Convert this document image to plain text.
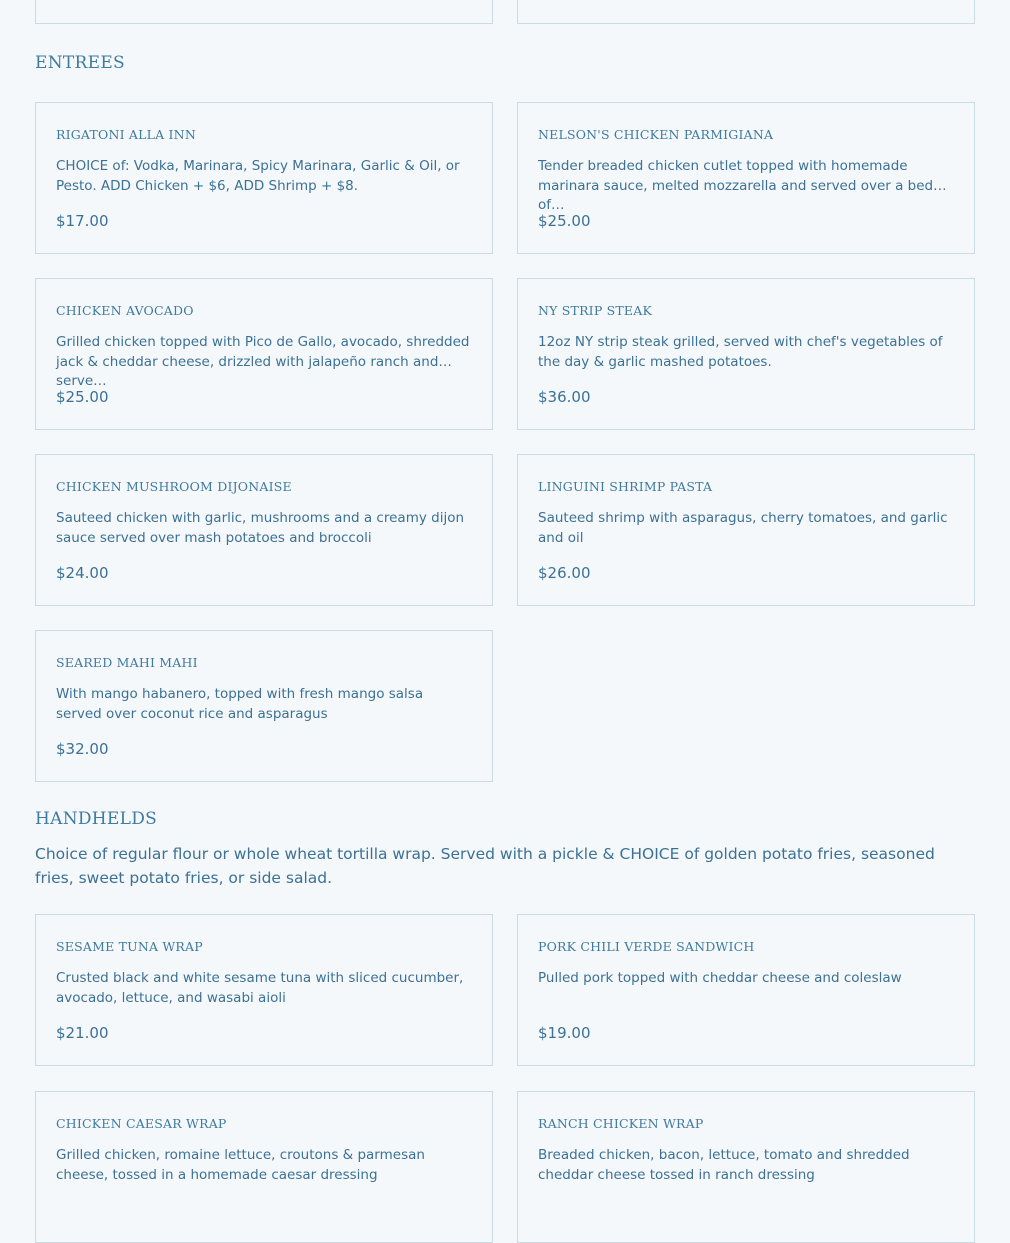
ENTREES
RIGATONI ALLA INN
CHOICE of: Vodka, Marinara, Spicy Marinara, Garlic & Oil, or Pesto. ADD Chicken + $6, ADD Shrimp + $8.
$17.00
NELSON'S CHICKEN PARMIGIANA
Tender breaded chicken cutlet topped with homemade marinara sauce, melted mozzarella and served over a bed of…
$25.00
CHICKEN AVOCADO
Grilled chicken topped with Pico de Gallo, avocado, shredded jack & cheddar cheese, drizzled with jalapeño ranch and serve…
$25.00
NY STRIP STEAK
12oz NY strip steak grilled, served with chef's vegetables of the day & garlic mashed potatoes.
$36.00
CHICKEN MUSHROOM DIJONAISE
Sauteed chicken with garlic, mushrooms and a creamy dijon sauce served over mash potatoes and broccoli
$24.00
LINGUINI SHRIMP PASTA
Sauteed shrimp with asparagus, cherry tomatoes, and garlic and oil
$26.00
SEARED MAHI MAHI
With mango habanero, topped with fresh mango salsa served over coconut rice and asparagus
$32.00
HANDHELDS
Choice of regular flour or whole wheat tortilla wrap. Served with a pickle & CHOICE of golden potato fries, seasoned fries, sweet potato fries, or side salad.
SESAME TUNA WRAP
Crusted black and white sesame tuna with sliced cucumber, avocado, lettuce, and wasabi aioli
$21.00
PORK CHILI VERDE SANDWICH
Pulled pork topped with cheddar cheese and coleslaw
$19.00
CHICKEN CAESAR WRAP
Grilled chicken, romaine lettuce, croutons & parmesan cheese, tossed in a homemade caesar dressing
RANCH CHICKEN WRAP
Breaded chicken, bacon, lettuce, tomato and shredded cheddar cheese tossed in ranch dressing
